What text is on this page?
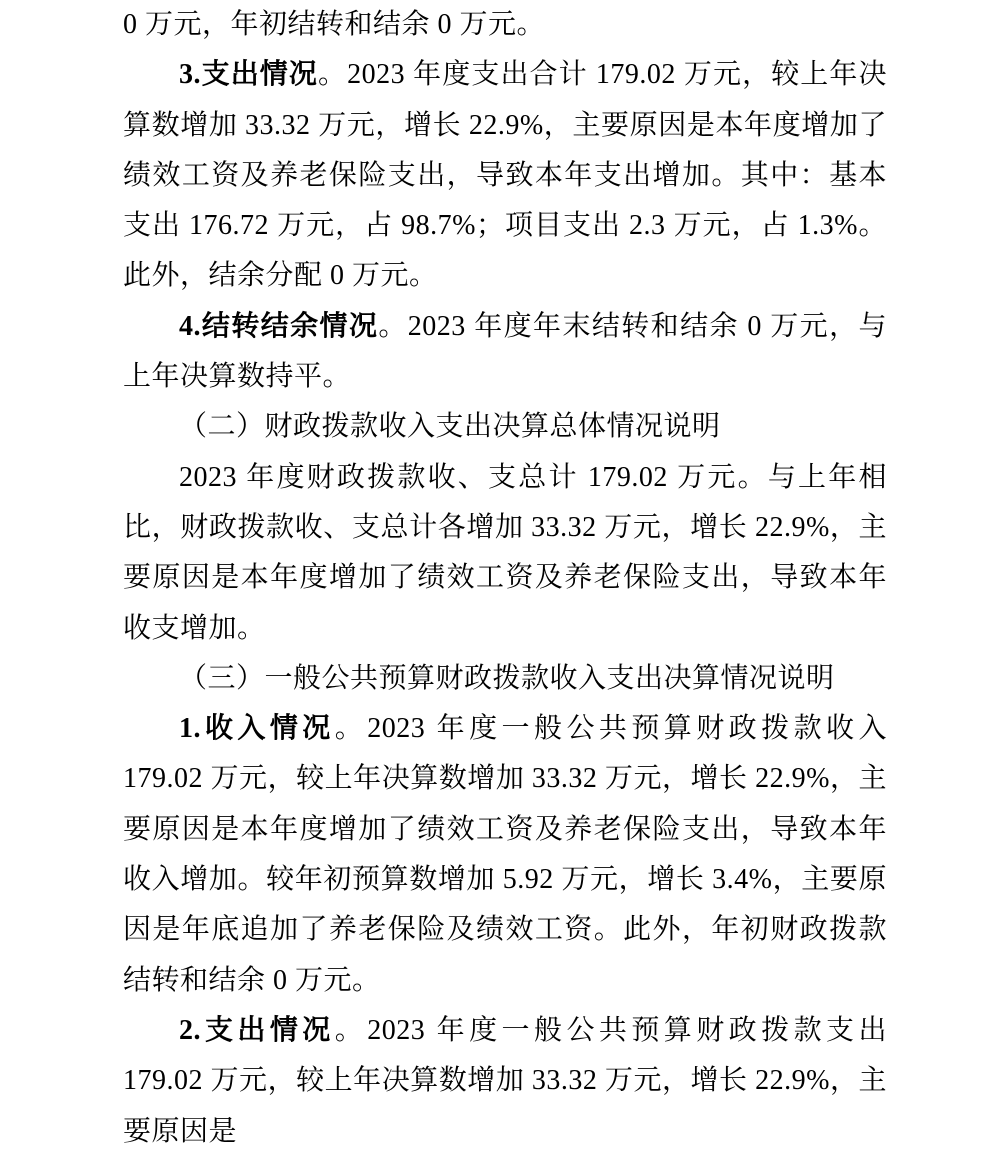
0 万元，年初结转和结余 0 万元。

3.支出情况。2023 年度支出合计 179.02 万元，较上年决算数增加 33.32 万元，增长 22.9%，主要原因是本年度增加了绩效工资及养老保险支出，导致本年支出增加。其中：基本支出 176.72 万元，占 98.7%；项目支出 2.3 万元，占 1.3%。此外，结余分配 0 万元。

4.结转结余情况。2023 年度年末结转和结余 0 万元，与上年决算数持平。

（二）财政拨款收入支出决算总体情况说明

2023 年度财政拨款收、支总计 179.02 万元。与上年相比，财政拨款收、支总计各增加 33.32 万元，增长 22.9%，主要原因是本年度增加了绩效工资及养老保险支出，导致本年收支增加。

（三）一般公共预算财政拨款收入支出决算情况说明

1.收入情况。2023 年度一般公共预算财政拨款收入 179.02 万元，较上年决算数增加 33.32 万元，增长 22.9%，主要原因是本年度增加了绩效工资及养老保险支出，导致本年收入增加。较年初预算数增加 5.92 万元，增长 3.4%，主要原因是年底追加了养老保险及绩效工资。此外，年初财政拨款结转和结余 0 万元。

2.支出情况。2023 年度一般公共预算财政拨款支出 179.02 万元，较上年决算数增加 33.32 万元，增长 22.9%，主要原因是
